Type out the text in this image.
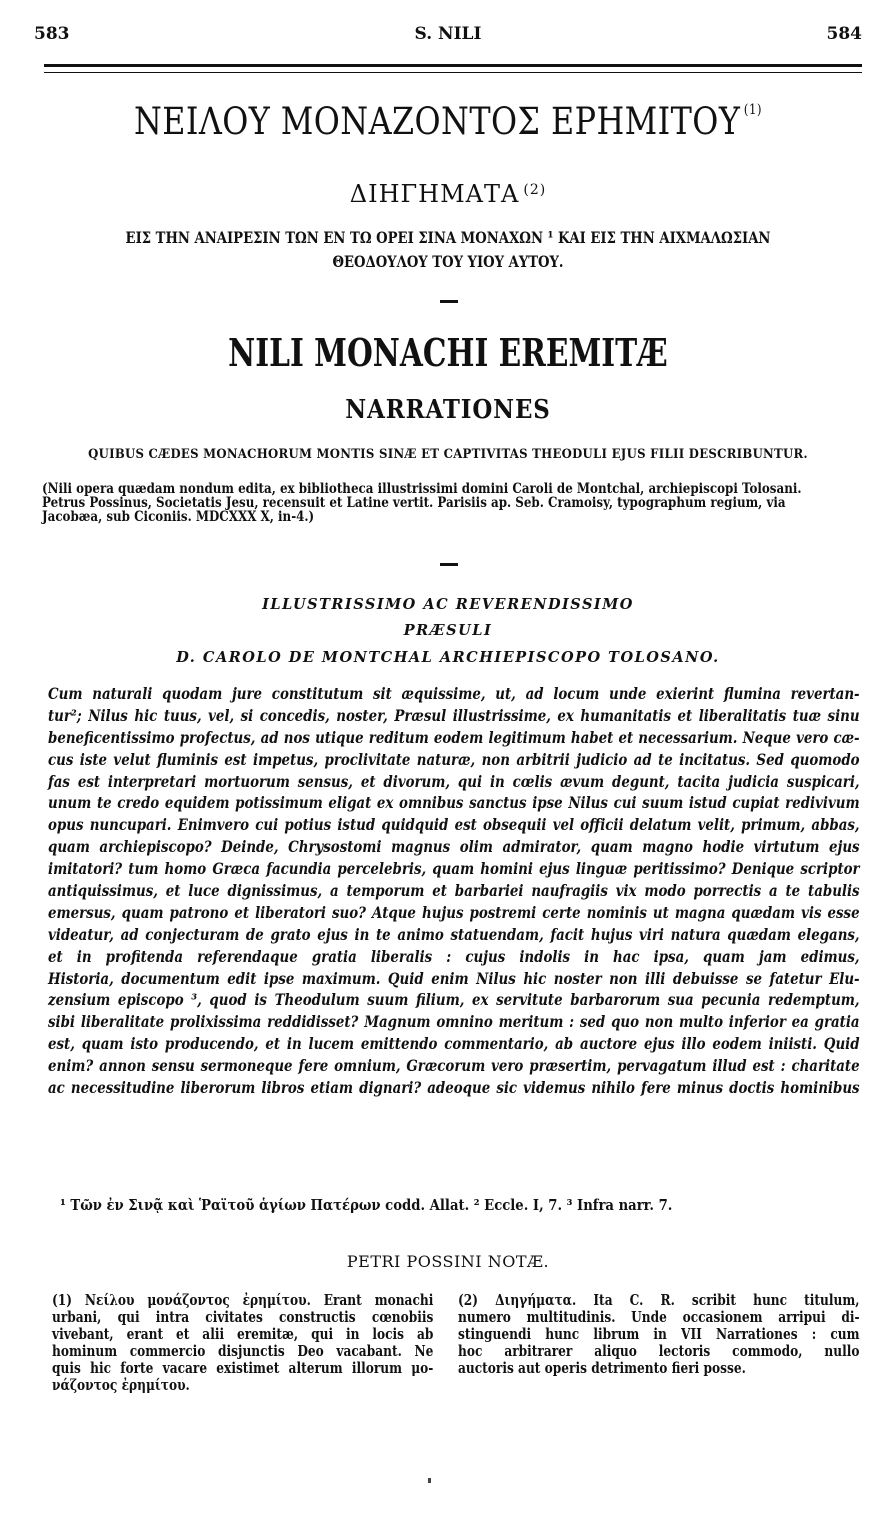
583	S. NILI	584
ΝΕΙΛΟΥ ΜΟΝΑΖΟΝΤΟΣ ΕΡΗΜΙΤΟΥ $^{(1)}$
ΔΙΗΓΗΜΑΤΑ $^{(2)}$
ΕΙΣ ΤΗΝ ΑΝΑΙΡΕΣΙΝ ΤΩΝ ΕΝ ΤΩ ΟΡΕΙ ΣΙΝΑ ΜΟΝΑΧΩΝ ¹ ΚΑΙ ΕΙΣ ΤΗΝ ΑΙΧΜΑΛΩΣΙΑΝ
ΘΕΟΔΟΥΛΟΥ ΤΟΥ ΥΙΟΥ ΑΥΤΟΥ.
NILI MONACHI EREMITÆ
NARRATIONES
QUIBUS CÆDES MONACHORUM MONTIS SINÆ ET CAPTIVITAS THEODULI EJUS FILII DESCRIBUNTUR.
(Nili opera quædam nondum edita, ex bibliotheca illustrissimi domini Caroli de Montchal, archiepiscopi Tolosani.
Petrus Possinus, Societatis Jesu, recensuit et Latine vertit. Parisiis ap. Seb. Cramoisy, typographum regium, via
Jacobæa, sub Ciconiis. MDCXXX X, in-4.)
ILLUSTRISSIMO AC REVERENDISSIMO
PRÆSULI
D. CAROLO DE MONTCHAL ARCHIEPISCOPO TOLOSANO.
Cum naturali quodam jure constitutum sit æquissime, ut, ad locum unde exierint flumina revertan-
tur²; Nilus hic tuus, vel, si concedis, noster, Præsul illustrissime, ex humanitatis et liberalitatis tuæ sinu
beneficentissimo profectus, ad nos utique reditum eodem legitimum habet et necessarium. Neque vero cæ-
cus iste velut fluminis est impetus, proclivitate naturæ, non arbitrii judicio ad te incitatus. Sed quomodo
fas est interpretari mortuorum sensus, et divorum, qui in cœlis ævum degunt, tacita judicia suspicari,
unum te credo equidem potissimum eligat ex omnibus sanctus ipse Nilus cui suum istud cupiat redivivum
opus nuncupari. Enimvero cui potius istud quidquid est obsequii vel officii delatum velit, primum, abbas,
quam archiepiscopo? Deinde, Chrysostomi magnus olim admirator, quam magno hodie virtutum ejus
imitatori? tum homo Græca facundia percelebris, quam homini ejus linguæ peritissimo? Denique scriptor
antiquissimus, et luce dignissimus, a temporum et barbariei naufragiis vix modo porrectis a te tabulis
emersus, quam patrono et liberatori suo? Atque hujus postremi certe nominis ut magna quædam vis esse
videatur, ad conjecturam de grato ejus in te animo statuendam, facit hujus viri natura quædam elegans,
et in profitenda referendaque gratia liberalis : cujus indolis in hac ipsa, quam jam edimus,
Historia, documentum edit ipse maximum. Quid enim Nilus hic noster non illi debuisse se fatetur Elu-
zensium episcopo ³, quod is Theodulum suum filium, ex servitute barbarorum sua pecunia redemptum,
sibi liberalitate prolixissima reddidisset? Magnum omnino meritum : sed quo non multo inferior ea gratia
est, quam isto producendo, et in lucem emittendo commentario, ab auctore ejus illo eodem iniisti. Quid
enim? annon sensu sermoneque fere omnium, Græcorum vero præsertim, pervagatum illud est : charitate
ac necessitudine liberorum libros etiam dignari? adeoque sic videmus nihilo fere minus doctis hominibus
¹ Τῶν ἐν Σινᾷ καὶ Ῥαϊτοῦ ἁγίων Πατέρων codd. Allat. ² Eccle. I, 7. ³ Infra narr. 7.
PETRI POSSINI NOTÆ.
(1) Νείλου μονάζοντος ἐρημίτου. Erant monachi
urbani, qui intra civitates constructis cœnobiis
vivebant, erant et alii eremitæ, qui in locis ab
hominum commercio disjunctis Deo vacabant. Ne
quis hic forte vacare existimet alterum illorum μο-
νάζοντος ἐρημίτου.
(2) Διηγήματα. Ita C. R. scribit hunc titulum,
numero multitudinis. Unde occasionem arripui di-
stinguendi hunc librum in VII Narrationes : cum
hoc arbitrarer aliquo lectoris commodo, nullo
auctoris aut operis detrimento fieri posse.
